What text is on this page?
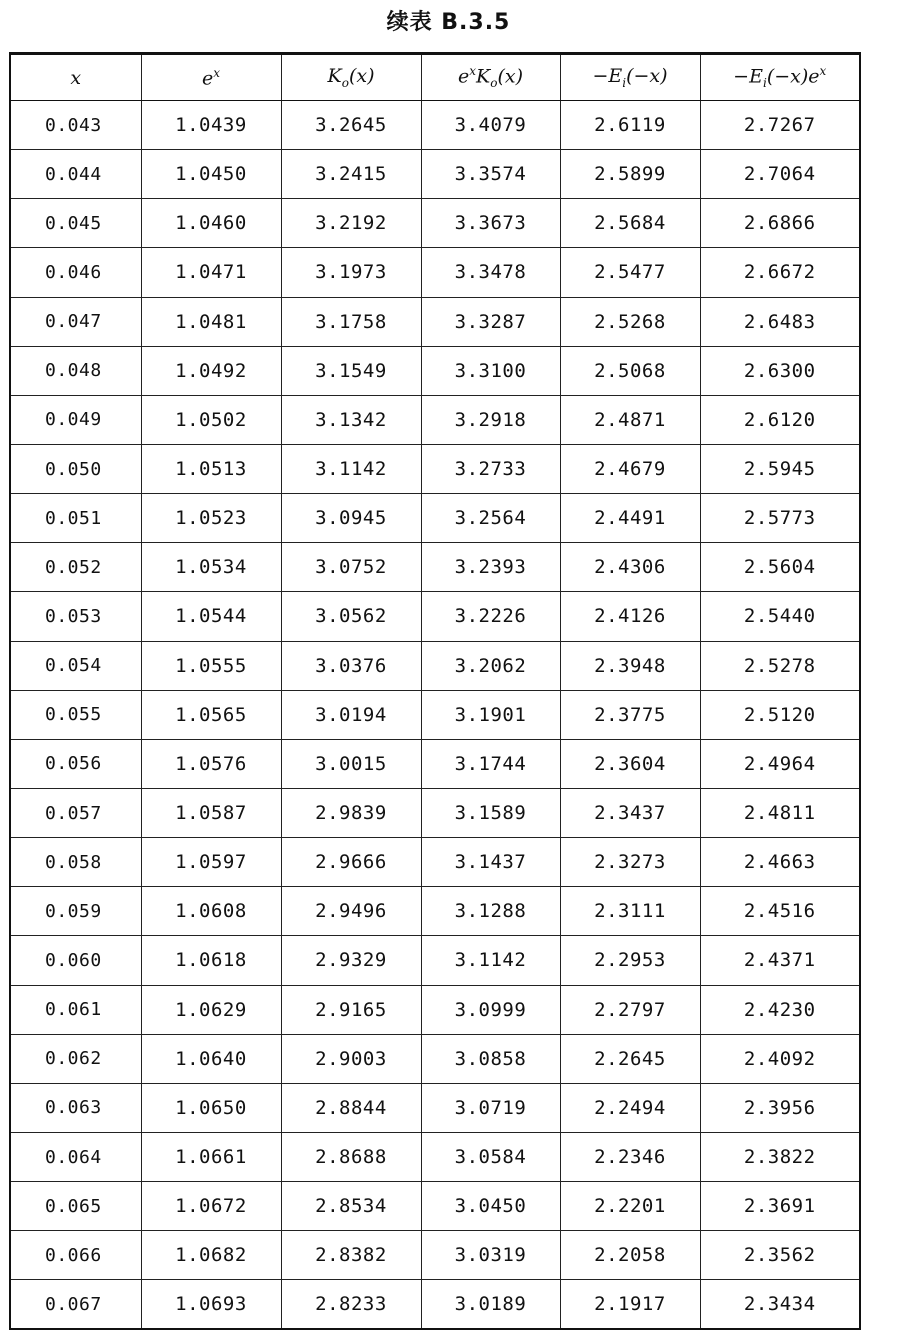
续表 B.3.5
x	$e^x$	$K_o(x)$	$e^xK_o(x)$	$-E_i(-x)$	$-E_i(-x)e^x$
0.043	1.0439	3.2645	3.4079	2.6119	2.7267
0.044	1.0450	3.2415	3.3574	2.5899	2.7064
0.045	1.0460	3.2192	3.3673	2.5684	2.6866
0.046	1.0471	3.1973	3.3478	2.5477	2.6672
0.047	1.0481	3.1758	3.3287	2.5268	2.6483
0.048	1.0492	3.1549	3.3100	2.5068	2.6300
0.049	1.0502	3.1342	3.2918	2.4871	2.6120
0.050	1.0513	3.1142	3.2733	2.4679	2.5945
0.051	1.0523	3.0945	3.2564	2.4491	2.5773
0.052	1.0534	3.0752	3.2393	2.4306	2.5604
0.053	1.0544	3.0562	3.2226	2.4126	2.5440
0.054	1.0555	3.0376	3.2062	2.3948	2.5278
0.055	1.0565	3.0194	3.1901	2.3775	2.5120
0.056	1.0576	3.0015	3.1744	2.3604	2.4964
0.057	1.0587	2.9839	3.1589	2.3437	2.4811
0.058	1.0597	2.9666	3.1437	2.3273	2.4663
0.059	1.0608	2.9496	3.1288	2.3111	2.4516
0.060	1.0618	2.9329	3.1142	2.2953	2.4371
0.061	1.0629	2.9165	3.0999	2.2797	2.4230
0.062	1.0640	2.9003	3.0858	2.2645	2.4092
0.063	1.0650	2.8844	3.0719	2.2494	2.3956
0.064	1.0661	2.8688	3.0584	2.2346	2.3822
0.065	1.0672	2.8534	3.0450	2.2201	2.3691
0.066	1.0682	2.8382	3.0319	2.2058	2.3562
0.067	1.0693	2.8233	3.0189	2.1917	2.3434
